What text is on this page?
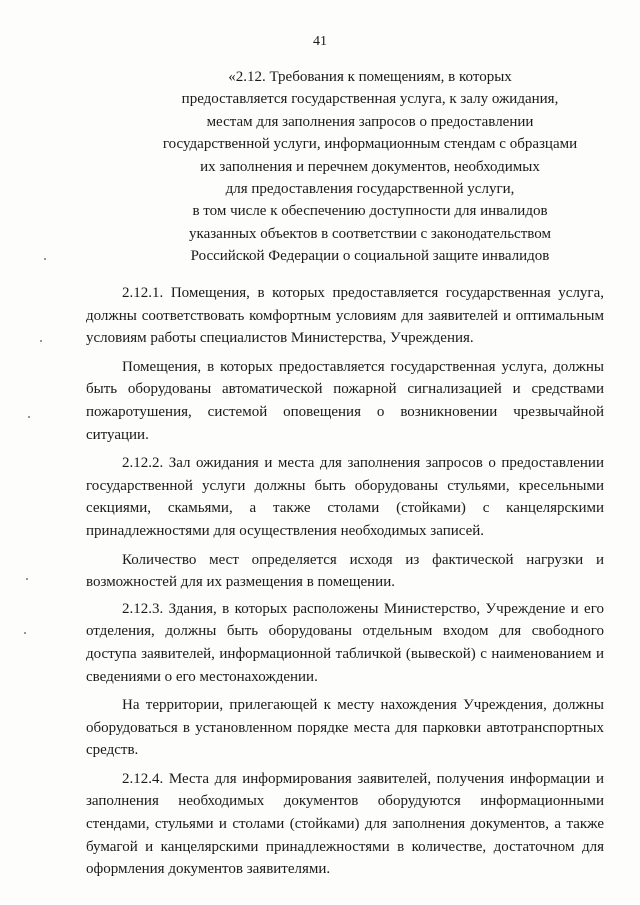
41
«2.12. Требования к помещениям, в которых
предоставляется государственная услуга, к залу ожидания,
местам для заполнения запросов о предоставлении
государственной услуги, информационным стендам с образцами
их заполнения и перечнем документов, необходимых
для предоставления государственной услуги,
в том числе к обеспечению доступности для инвалидов
указанных объектов в соответствии с законодательством
Российской Федерации о социальной защите инвалидов

2.12.1. Помещения, в которых предоставляется государственная услуга, должны соответствовать комфортным условиям для заявителей и оптимальным условиям работы специалистов Министерства, Учреждения.

Помещения, в которых предоставляется государственная услуга, должны быть оборудованы автоматической пожарной сигнализацией и средствами пожаротушения, системой оповещения о возникновении чрезвычайной ситуации.

2.12.2. Зал ожидания и места для заполнения запросов о предоставлении государственной услуги должны быть оборудованы стульями, кресельными секциями, скамьями, а также столами (стойками) с канцелярскими принадлежностями для осуществления необходимых записей.

Количество мест определяется исходя из фактической нагрузки и возможностей для их размещения в помещении.

2.12.3. Здания, в которых расположены Министерство, Учреждение и его отделения, должны быть оборудованы отдельным входом для свободного доступа заявителей, информационной табличкой (вывеской) с наименованием и сведениями о его местонахождении.

На территории, прилегающей к месту нахождения Учреждения, должны оборудоваться в установленном порядке места для парковки автотранспортных средств.

2.12.4. Места для информирования заявителей, получения информации и заполнения необходимых документов оборудуются информационными стендами, стульями и столами (стойками) для заполнения документов, а также бумагой и канцелярскими принадлежностями в количестве, достаточном для оформления документов заявителями.
